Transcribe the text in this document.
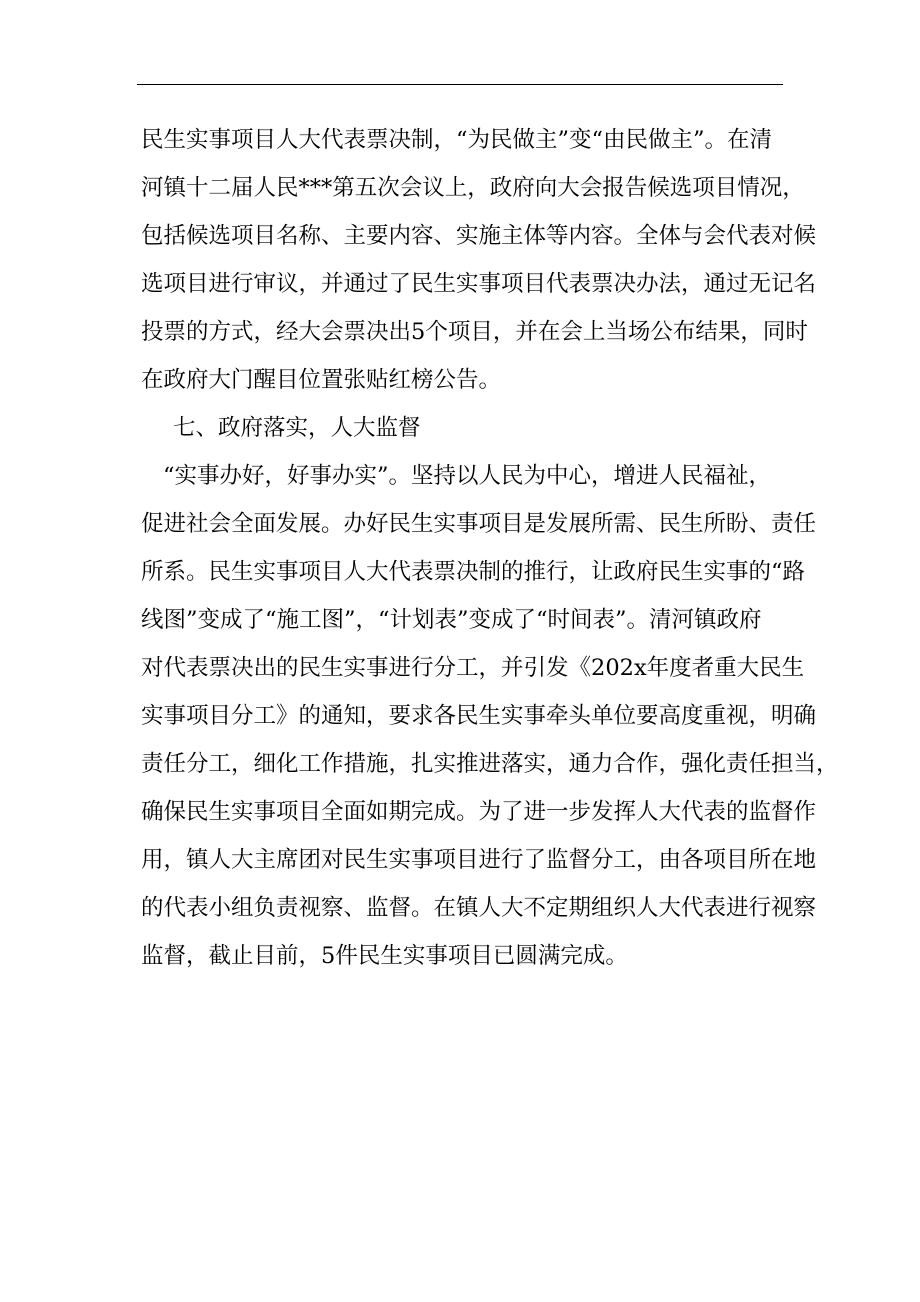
民生实事项目人大代表票决制，“为民做主”变“由民做主”。在清
河镇十二届人民***第五次会议上，政府向大会报告候选项目情况，
包括候选项目名称、主要内容、实施主体等内容。全体与会代表对候
选项目进行审议，并通过了民生实事项目代表票决办法，通过无记名
投票的方式，经大会票决出5个项目，并在会上当场公布结果，同时
在政府大门醒目位置张贴红榜公告。
七、政府落实，人大监督
“实事办好，好事办实”。坚持以人民为中心，增进人民福祉，
促进社会全面发展。办好民生实事项目是发展所需、民生所盼、责任
所系。民生实事项目人大代表票决制的推行，让政府民生实事的“路
线图”变成了“施工图”，“计划表”变成了“时间表”。清河镇政府
对代表票决出的民生实事进行分工，并引发《202x年度者重大民生
实事项目分工》的通知，要求各民生实事牵头单位要高度重视，明确
责任分工，细化工作措施，扎实推进落实，通力合作，强化责任担当，
确保民生实事项目全面如期完成。为了进一步发挥人大代表的监督作
用，镇人大主席团对民生实事项目进行了监督分工，由各项目所在地
的代表小组负责视察、监督。在镇人大不定期组织人大代表进行视察
监督，截止目前，5件民生实事项目已圆满完成。
